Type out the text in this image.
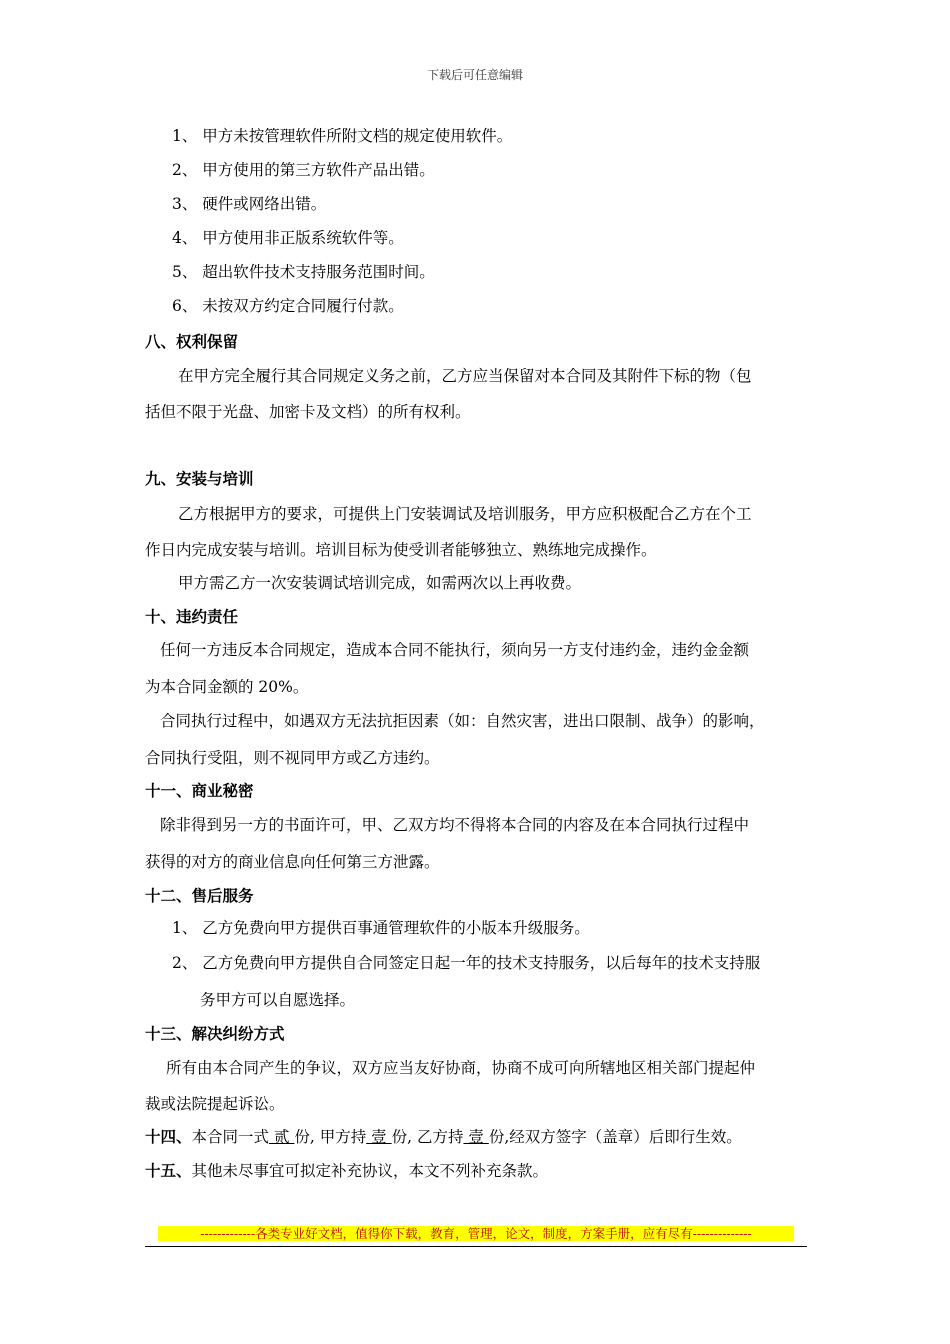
下载后可任意编辑
1、 甲方未按管理软件所附文档的规定使用软件。
2、 甲方使用的第三方软件产品出错。
3、 硬件或网络出错。
4、 甲方使用非正版系统软件等。
5、 超出软件技术支持服务范围时间。
6、 未按双方约定合同履行付款。
八、权利保留
在甲方完全履行其合同规定义务之前，乙方应当保留对本合同及其附件下标的物（包
括但不限于光盘、加密卡及文档）的所有权利。
九、安装与培训
乙方根据甲方的要求，可提供上门安装调试及培训服务，甲方应积极配合乙方在个工
作日内完成安装与培训。培训目标为使受训者能够独立、熟练地完成操作。
甲方需乙方一次安装调试培训完成，如需两次以上再收费。
十、违约责任
任何一方违反本合同规定，造成本合同不能执行，须向另一方支付违约金，违约金金额
为本合同金额的 20%。
合同执行过程中，如遇双方无法抗拒因素（如：自然灾害，进出口限制、战争）的影响，
合同执行受阻，则不视同甲方或乙方违约。
十一、商业秘密
除非得到另一方的书面许可，甲、乙双方均不得将本合同的内容及在本合同执行过程中
获得的对方的商业信息向任何第三方泄露。
十二、售后服务
1、 乙方免费向甲方提供百事通管理软件的小版本升级服务。
2、 乙方免费向甲方提供自合同签定日起一年的技术支持服务，以后每年的技术支持服
务甲方可以自愿选择。
十三、解决纠纷方式
所有由本合同产生的争议，双方应当友好协商，协商不成可向所辖地区相关部门提起仲
裁或法院提起诉讼。
十四、本合同一式 贰 份, 甲方持 壹 份, 乙方持 壹 份,经双方签字（盖章）后即行生效。
十五、其他未尽事宜可拟定补充协议，本文不列补充条款。
-------------各类专业好文档，值得你下载，教育，管理，论文，制度，方案手册，应有尽有--------------
